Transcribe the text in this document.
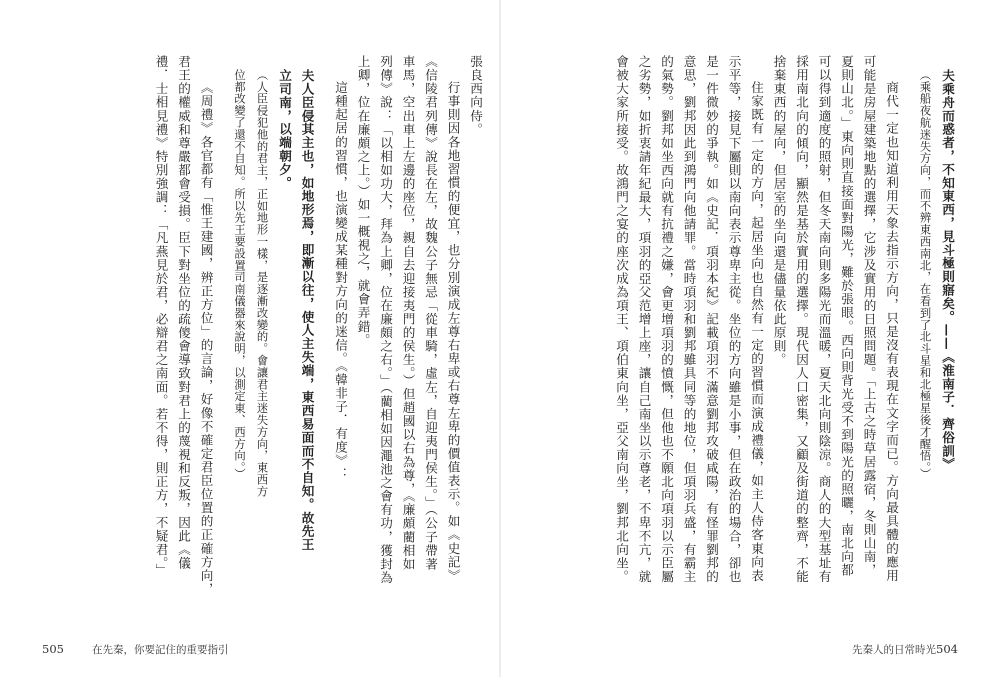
夫乘舟而惑者，不知東西，見斗極則寤矣。——《淮南子．齊俗訓》
（乘船夜航迷失方向，而不辨東西南北，在看到了北斗星和北極星後才醒悟。）
商代一定也知道利用天象去指示方向，只是沒有表現在文字而已。方向最具體的應用
可能是房屋建築地點的選擇，它涉及實用的日照問題。「上古之時草居露宿，冬則山南，
夏則山北。」東向則直接面對陽光，難於張眼。西向則背光受不到陽光的照曬，南北向都
可以得到適度的照射，但冬天南向則多陽光而溫暖，夏天北向則陰涼。商人的大型基址有
採用南北向的傾向，顯然是基於實用的選擇。現代因人口密集，又顧及街道的整齊，不能
捨棄東西的屋向，但居室的坐向還是儘量依此原則。
住家既有一定的方向，起居坐向也自然有一定的習慣而演成禮儀，如主人侍客東向表
示平等，接見下屬則以南向表示尊卑主從。坐位的方向雖是小事，但在政治的場合，卻也
是一件微妙的爭執。如《史記．項羽本紀》記載項羽不滿意劉邦攻破咸陽，有怪罪劉邦的
意思，劉邦因此到鴻門向他請罪。當時項羽和劉邦雖具同等的地位，但項羽兵盛，有霸主
的氣勢。劉邦如坐西向就有抗禮之嫌，會更增項羽的憤慨，但他也不願北向項羽以示臣屬
之劣勢，如折衷請年紀最大，項羽的亞父范增上座，讓自己南坐以示尊老，不卑不亢，就
會被大家所接受。故鴻門之宴的座次成為項王、項伯東向坐，亞父南向坐，劉邦北向坐。
張良西向侍。
行事則因各地習慣的便宜，也分別演成左尊右卑或右尊左卑的價值表示。如《史記》
《信陵君列傳》說長在左，故魏公子無忌「從車騎，虛左，自迎夷門侯生。」（公子帶著
車馬，空出車上左邊的座位，親自去迎接夷門的侯生。）但趙國以右為尊，《廉頗藺相如
列傳》說：「以相如功大，拜為上卿，位在廉頗之右。」（藺相如因澠池之會有功，獲封為
上卿，位在廉頗之上。）如一概視之，就會弄錯。
這種起居的習慣，也演變成某種對方向的迷信。《韓非子．有度》：
夫人臣侵其主也，如地形焉，即漸以往，使人主失端，東西易面而不自知。故先王
立司南，以端朝夕。
（人臣侵犯他的君主，正如地形一樣，是逐漸改變的。會讓君主迷失方向，東西方
位都改變了還不自知。所以先王要設置司南儀器來說明，以測定東、西方向。）
《周禮》各官都有「惟王建國，辨正方位」的言論，好像不確定君臣位置的正確方向，
君王的權威和尊嚴都會受損。臣下對坐位的疏傻會導致對君上的蔑視和反叛，因此《儀
禮．士相見禮》特別強調：「凡燕見於君，必辯君之南面。若不得，則正方，不疑君。」
505	在先秦，你要記住的重要指引	先秦人的日常時光 504
